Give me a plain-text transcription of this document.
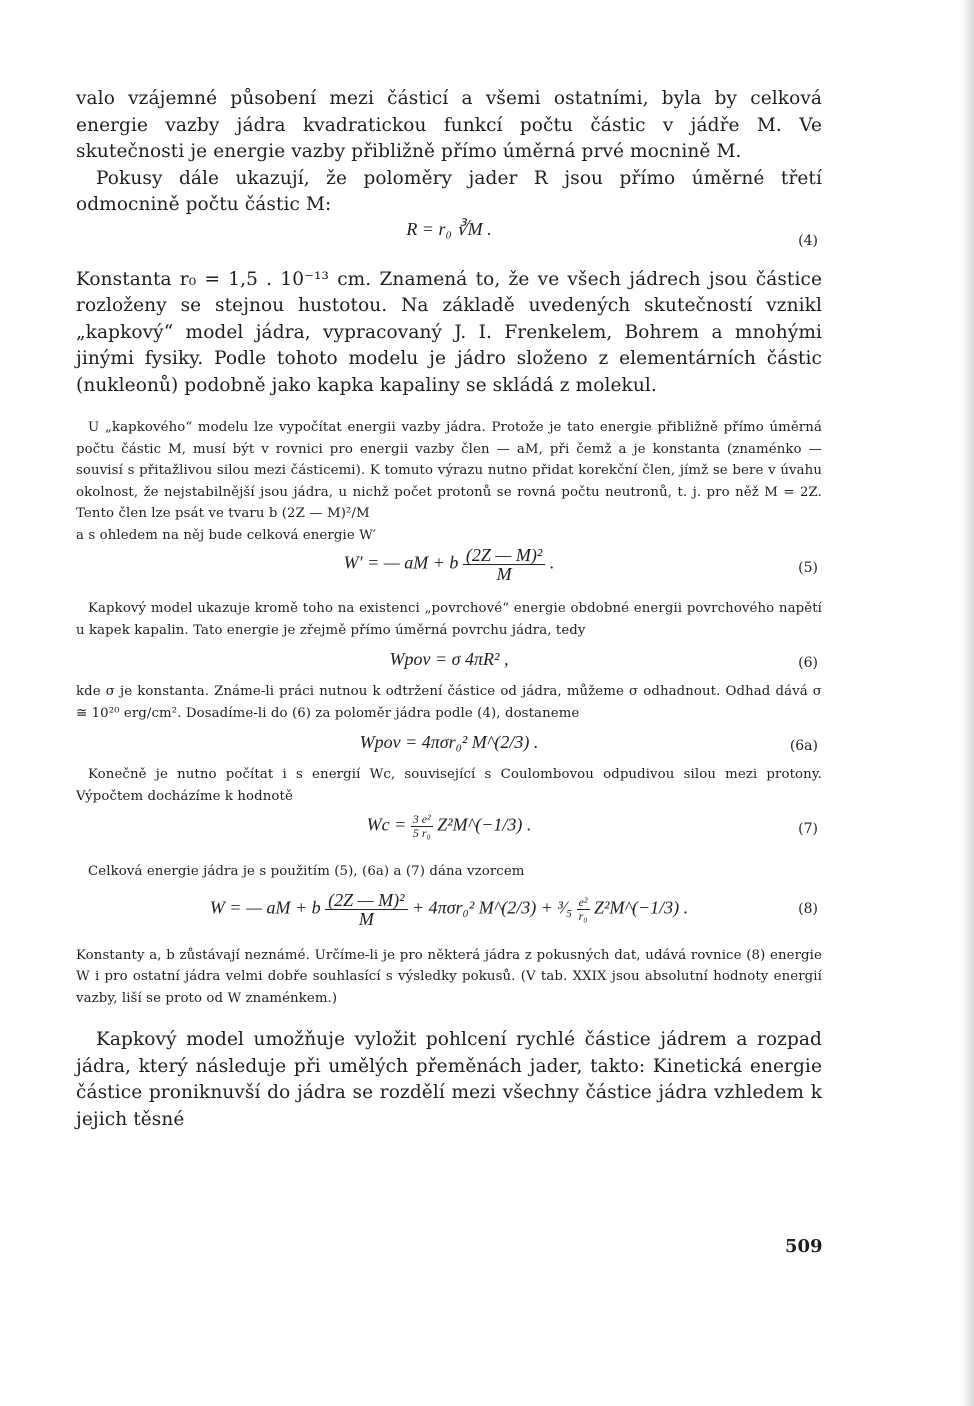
valo vzájemné působení mezi částicí a všemi ostatními, byla by celková energie vazby jádra kvadratickou funkcí počtu částic v jádře M. Ve skutečnosti je energie vazby přibližně přímo úměrná prvé mocnině M.

Pokusy dále ukazují, že poloměry jader R jsou přímo úměrné třetí odmocnině počtu částic M:

R = r₀ ∛M .
(4)

Konstanta r₀ = 1,5 . 10⁻¹³ cm. Znamená to, že ve všech jádrech jsou částice rozloženy se stejnou hustotou. Na základě uvedených skutečností vznikl „kapkový“ model jádra, vypracovaný J. I. Frenkelem, Bohrem a mnohými jinými fysiky. Podle tohoto modelu je jádro složeno z elementárních částic (nukleonů) podobně jako kapka kapaliny se skládá z molekul.

U „kapkového“ modelu lze vypočítat energii vazby jádra. Protože je tato energie přibližně přímo úměrná počtu částic M, musí být v rovnici pro energii vazby člen — aM, při čemž a je konstanta (znaménko — souvisí s přitažlivou silou mezi částicemi). K tomuto výrazu nutno přidat korekční člen, jímž se bere v úvahu okolnost, že nejstabilnější jsou jádra, u nichž počet protonů se rovná počtu neutronů, t. j. pro něž M = 2Z. Tento člen lze psát ve tvaru b (2Z — M)²/M

a s ohledem na něj bude celková energie W′

W′ = — aM + b $\frac{\text{(2Z — M)²}}{M}$ .	(5)

Kapkový model ukazuje kromě toho na existenci „povrchové“ energie obdobné energii povrchového napětí u kapek kapalin. Tato energie je zřejmě přímo úměrná povrchu jádra, tedy

Wpov = σ 4πR² ,	(6)

kde σ je konstanta. Známe-li práci nutnou k odtržení částice od jádra, můžeme σ odhadnout. Odhad dává σ ≅ 10²⁰ erg/cm². Dosadíme-li do (6) za poloměr jádra podle (4), dostaneme

Wpov = 4πσr₀² M^(2/3) .	(6a)

Konečně je nutno počítat i s energií Wc, související s Coulombovou odpudivou silou mezi protony. Výpočtem docházíme k hodnotě

$Wc = \frac{\text{3 e²}}{\text{5 r₀}}$ Z²M^(−1/3) .	(7)

Celková energie jádra je s použitím (5), (6a) a (7) dána vzorcem

W = — aM + b $\frac{\text{(2Z — M)²}}{M} + 4\pi\sigma r_0^2$ M^(2/3) + ³⁄₅ $\frac{\text{e²}}{\text{r₀}}$ Z²M^(−1/3) .	(8)

Konstanty a, b zůstávají neznámé. Určíme-li je pro některá jádra z pokusných dat, udává rovnice (8) energie W i pro ostatní jádra velmi dobře souhlasící s výsledky pokusů. (V tab. XXIX jsou absolutní hodnoty energií vazby, liší se proto od W znaménkem.)

Kapkový model umožňuje vyložit pohlcení rychlé částice jádrem a rozpad jádra, který následuje při umělých přeměnách jader, takto: Kinetická energie částice proniknuvší do jádra se rozdělí mezi všechny částice jádra vzhledem k jejich těsné

509
